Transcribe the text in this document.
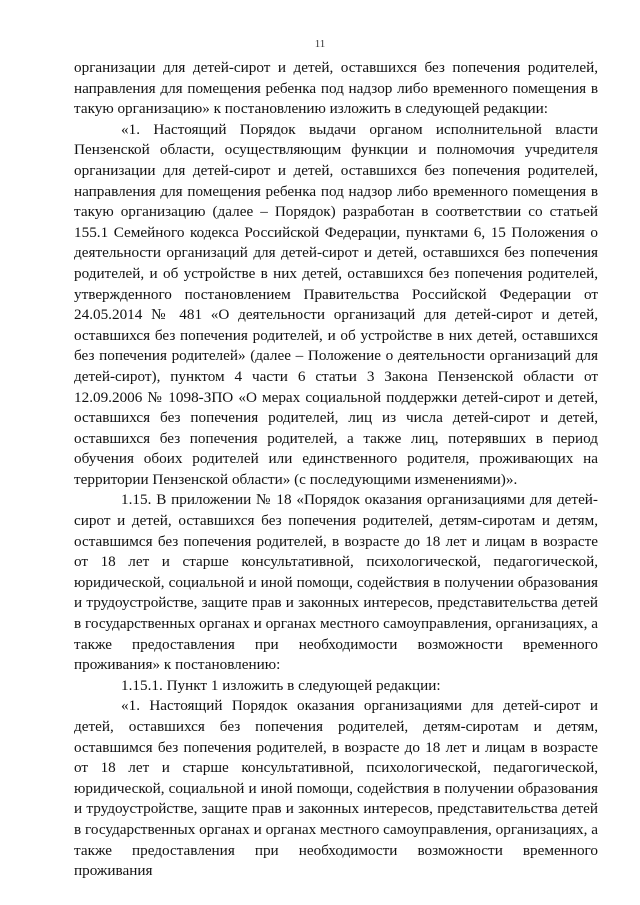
11

организации для детей-сирот и детей, оставшихся без попечения родителей, направления для помещения ребенка под надзор либо временного помещения в такую организацию» к постановлению изложить в следующей редакции:

«1. Настоящий Порядок выдачи органом исполнительной власти Пензенской области, осуществляющим функции и полномочия учредителя организации для детей-сирот и детей, оставшихся без попечения родителей, направления для помещения ребенка под надзор либо временного помещения в такую организацию (далее – Порядок) разработан в соответствии со статьей 155.1 Семейного кодекса Российской Федерации, пунктами 6, 15 Положения о деятельности организаций для детей-сирот и детей, оставшихся без попечения родителей, и об устройстве в них детей, оставшихся без попечения родителей, утвержденного постановлением Правительства Российской Федерации от 24.05.2014 № 481 «О деятельности организаций для детей-сирот и детей, оставшихся без попечения родителей, и об устройстве в них детей, оставшихся без попечения родителей» (далее – Положение о деятельности организаций для детей-сирот), пунктом 4 части 6 статьи 3 Закона Пензенской области от 12.09.2006 № 1098-ЗПО «О мерах социальной поддержки детей-сирот и детей, оставшихся без попечения родителей, лиц из числа детей-сирот и детей, оставшихся без попечения родителей, а также лиц, потерявших в период обучения обоих родителей или единственного родителя, проживающих на территории Пензенской области» (с последующими изменениями)».

1.15. В приложении № 18 «Порядок оказания организациями для детей-сирот и детей, оставшихся без попечения родителей, детям-сиротам и детям, оставшимся без попечения родителей, в возрасте до 18 лет и лицам в возрасте от 18 лет и старше консультативной, психологической, педагогической, юридической, социальной и иной помощи, содействия в получении образования и трудоустройстве, защите прав и законных интересов, представительства детей в государственных органах и органах местного самоуправления, организациях, а также предоставления при необходимости возможности временного проживания» к постановлению:

1.15.1. Пункт 1 изложить в следующей редакции:

«1. Настоящий Порядок оказания организациями для детей-сирот и детей, оставшихся без попечения родителей, детям-сиротам и детям, оставшимся без попечения родителей, в возрасте до 18 лет и лицам в возрасте от 18 лет и старше консультативной, психологической, педагогической, юридической, социальной и иной помощи, содействия в получении образования и трудоустройстве, защите прав и законных интересов, представительства детей в государственных органах и органах местного самоуправления, организациях, а также предоставления при необходимости возможности временного проживания
